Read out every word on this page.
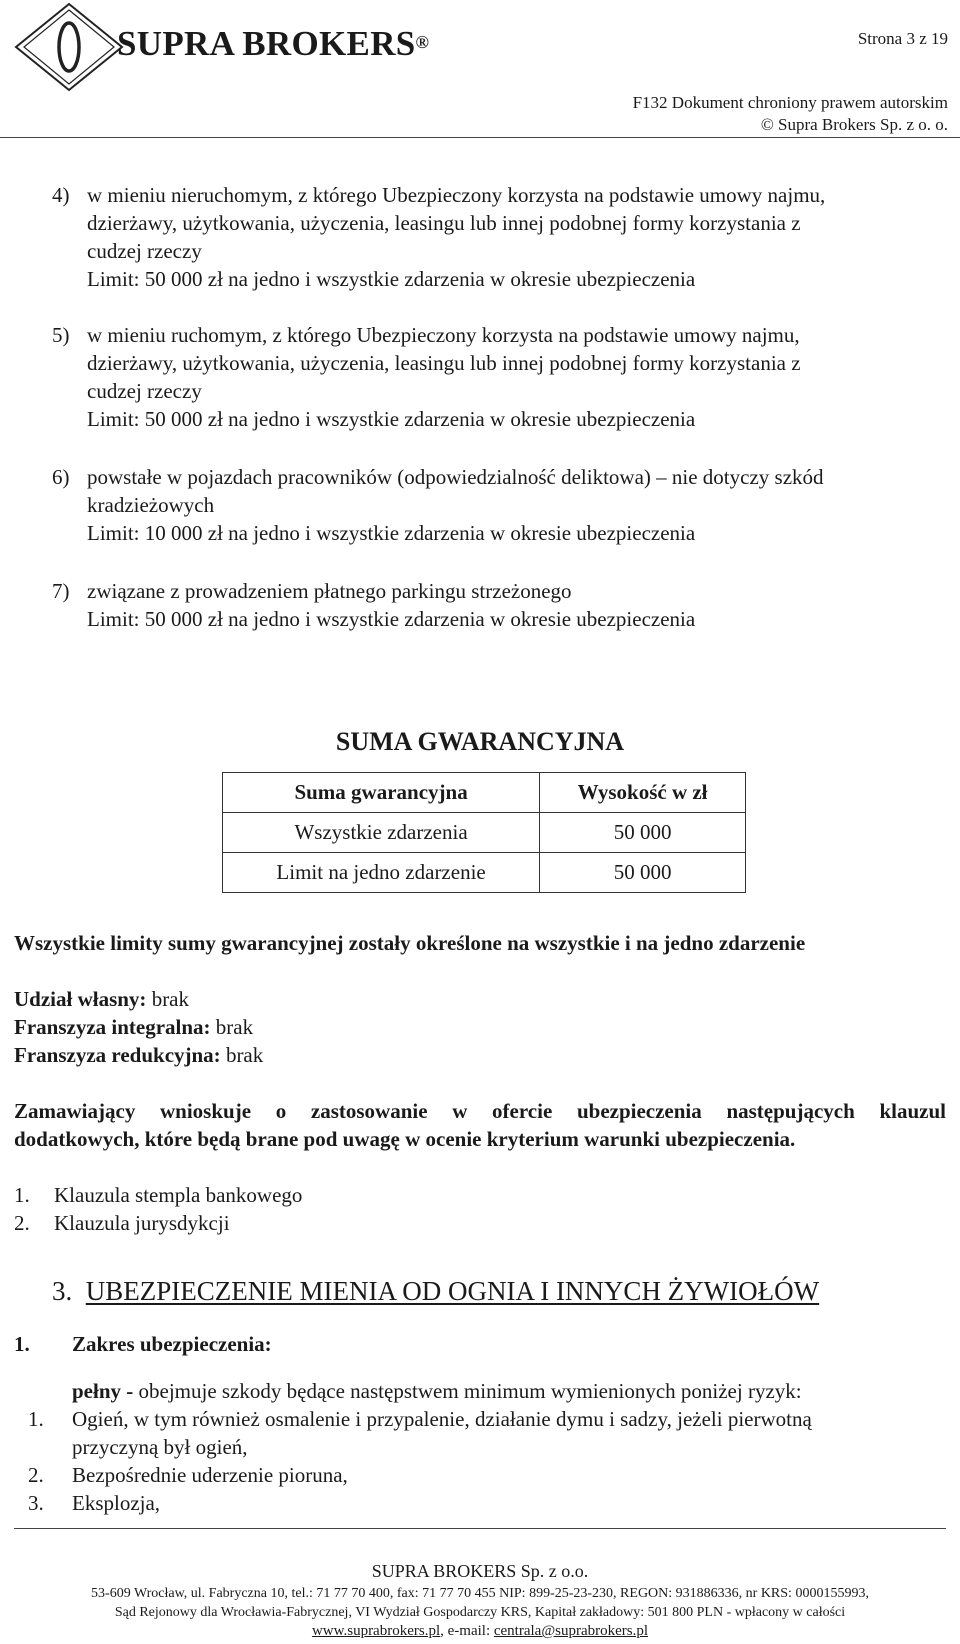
SUPRA BROKERS®	Strona 3 z 19
F132 Dokument chroniony prawem autorskim
© Supra Brokers Sp. z o. o.
4) w mieniu nieruchomym, z którego Ubezpieczony korzysta na podstawie umowy najmu,
dzierżawy, użytkowania, użyczenia, leasingu lub innej podobnej formy korzystania z
cudzej rzeczy
Limit: 50 000 zł na jedno i wszystkie zdarzenia w okresie ubezpieczenia
5) w mieniu ruchomym, z którego Ubezpieczony korzysta na podstawie umowy najmu,
dzierżawy, użytkowania, użyczenia, leasingu lub innej podobnej formy korzystania z
cudzej rzeczy
Limit: 50 000 zł na jedno i wszystkie zdarzenia w okresie ubezpieczenia
6) powstałe w pojazdach pracowników (odpowiedzialność deliktowa) – nie dotyczy szkód
kradzieżowych
Limit: 10 000 zł na jedno i wszystkie zdarzenia w okresie ubezpieczenia
7) związane z prowadzeniem płatnego parkingu strzeżonego
Limit: 50 000 zł na jedno i wszystkie zdarzenia w okresie ubezpieczenia
SUMA GWARANCYJNA
Suma gwarancyjna	Wysokość w zł
Wszystkie zdarzenia	50 000
Limit na jedno zdarzenie	50 000
Wszystkie limity sumy gwarancyjnej zostały określone na wszystkie i na jedno zdarzenie
Udział własny: brak
Franszyza integralna: brak
Franszyza redukcyjna: brak
Zamawiający wnioskuje o zastosowanie w ofercie ubezpieczenia następujących klauzul
dodatkowych, które będą brane pod uwagę w ocenie kryterium warunki ubezpieczenia.
1. Klauzula stempla bankowego
2. Klauzula jurysdykcji
3. UBEZPIECZENIE MIENIA OD OGNIA I INNYCH ŻYWIOŁÓW
1. Zakres ubezpieczenia:
pełny - obejmuje szkody będące następstwem minimum wymienionych poniżej ryzyk:
1. Ogień, w tym również osmalenie i przypalenie, działanie dymu i sadzy, jeżeli pierwotną
przyczyną był ogień,
2. Bezpośrednie uderzenie pioruna,
3. Eksplozja,
SUPRA BROKERS Sp. z o.o.
53-609 Wrocław, ul. Fabryczna 10, tel.: 71 77 70 400, fax: 71 77 70 455 NIP: 899-25-23-230, REGON: 931886336, nr KRS: 0000155993,
Sąd Rejonowy dla Wrocławia-Fabrycznej, VI Wydział Gospodarczy KRS, Kapitał zakładowy: 501 800 PLN - wpłacony w całości
www.suprabrokers.pl, e-mail: centrala@suprabrokers.pl
